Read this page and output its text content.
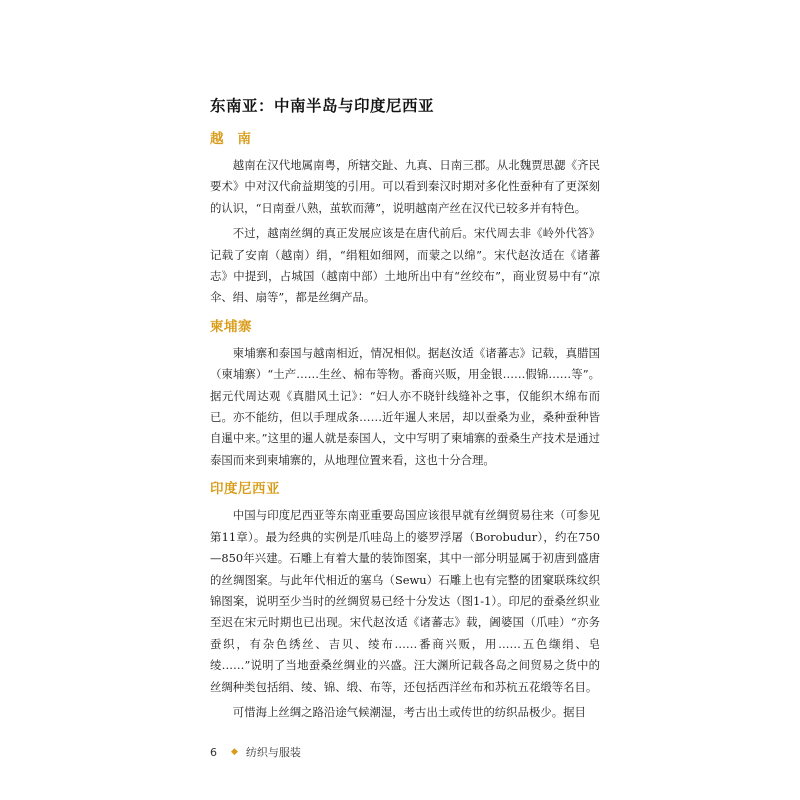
东南亚：中南半岛与印度尼西亚
越南

越南在汉代地属南粤，所辖交趾、九真、日南三郡。从北魏贾思勰《齐民要术》中对汉代俞益期笺的引用。可以看到秦汉时期对多化性蚕种有了更深刻的认识，“日南蚕八熟，茧软而薄”，说明越南产丝在汉代已较多并有特色。

不过，越南丝绸的真正发展应该是在唐代前后。宋代周去非《岭外代答》记载了安南（越南）绢，“绢粗如细网，而蒙之以绵”。宋代赵汝适在《诸蕃志》中提到，占城国（越南中部）土地所出中有“丝绞布”，商业贸易中有“凉伞、绢、扇等”，都是丝绸产品。

柬埔寨

柬埔寨和泰国与越南相近，情况相似。据赵汝适《诸蕃志》记载，真腊国（柬埔寨）“土产……生丝、棉布等物。番商兴贩，用金银……假锦……等”。据元代周达观《真腊风土记》：“妇人亦不晓针线缝补之事，仅能织木绵布而已。亦不能纺，但以手理成条……近年暹人来居，却以蚕桑为业，桑种蚕种皆自暹中来。”这里的暹人就是泰国人，文中写明了柬埔寨的蚕桑生产技术是通过泰国而来到柬埔寨的，从地理位置来看，这也十分合理。

印度尼西亚

中国与印度尼西亚等东南亚重要岛国应该很早就有丝绸贸易往来（可参见第11章）。最为经典的实例是爪哇岛上的婆罗浮屠（Borobudur），约在750—850年兴建。石雕上有着大量的装饰图案，其中一部分明显属于初唐到盛唐的丝绸图案。与此年代相近的塞乌（Sewu）石雕上也有完整的团窠联珠纹织锦图案，说明至少当时的丝绸贸易已经十分发达（图1-1）。印尼的蚕桑丝织业至迟在宋元时期也已出现。宋代赵汝适《诸蕃志》载，阇婆国（爪哇）“亦务蚕织，有杂色绣丝、吉贝、绫布……番商兴贩，用……五色缬绢、皂绫……”说明了当地蚕桑丝绸业的兴盛。汪大渊所记载各岛之间贸易之货中的丝绸种类包括绢、绫、锦、缎、布等，还包括西洋丝布和苏杭五花缎等名目。

可惜海上丝绸之路沿途气候潮湿，考古出土或传世的纺织品极少。据目

6 ◆ 纺织与服装
